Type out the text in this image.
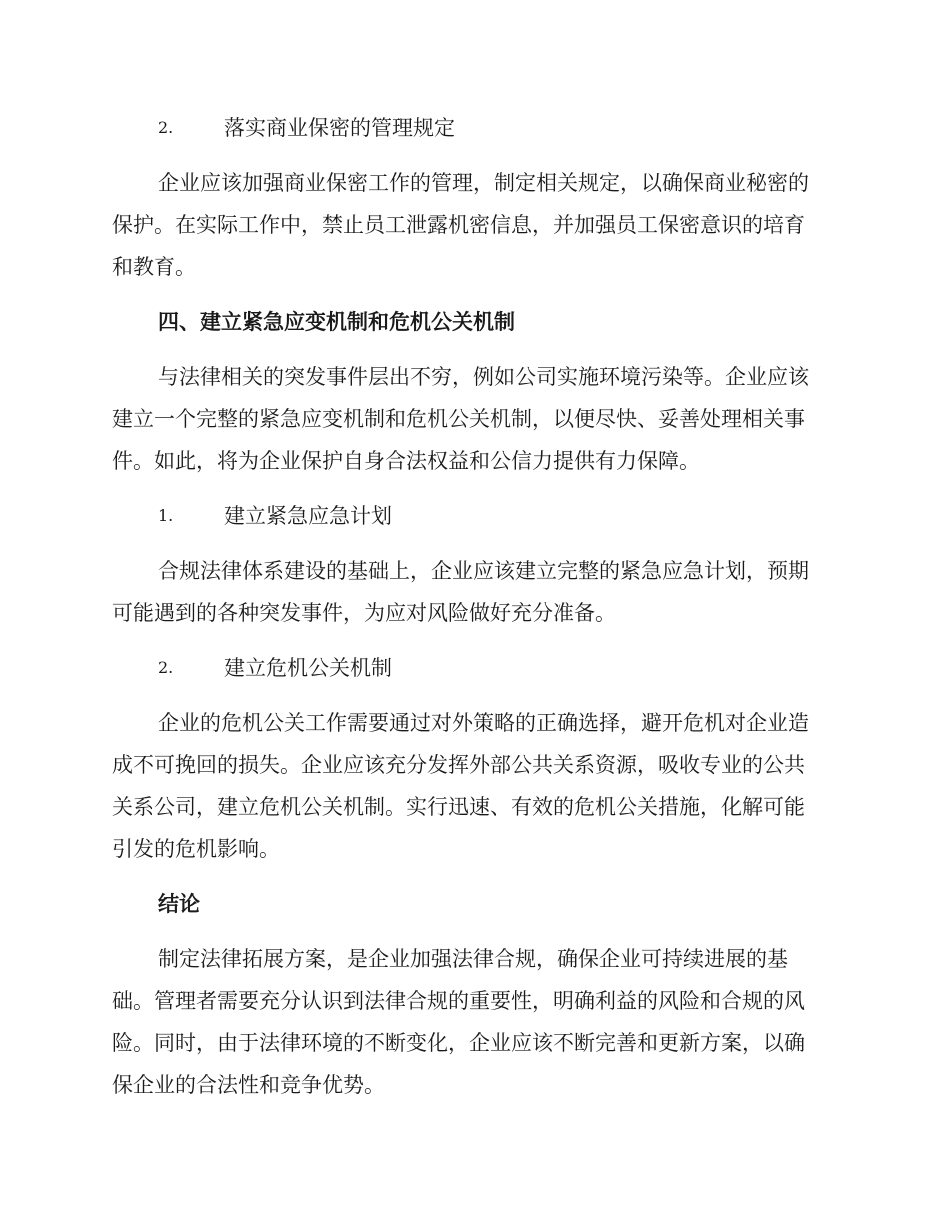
2. 落实商业保密的管理规定
企业应该加强商业保密工作的管理，制定相关规定，以确保商业秘密的
保护。在实际工作中，禁止员工泄露机密信息，并加强员工保密意识的培育
和教育。
四、建立紧急应变机制和危机公关机制
与法律相关的突发事件层出不穷，例如公司实施环境污染等。企业应该
建立一个完整的紧急应变机制和危机公关机制，以便尽快、妥善处理相关事
件。如此，将为企业保护自身合法权益和公信力提供有力保障。
1. 建立紧急应急计划
合规法律体系建设的基础上，企业应该建立完整的紧急应急计划，预期
可能遇到的各种突发事件，为应对风险做好充分准备。
2. 建立危机公关机制
企业的危机公关工作需要通过对外策略的正确选择，避开危机对企业造
成不可挽回的损失。企业应该充分发挥外部公共关系资源，吸收专业的公共
关系公司，建立危机公关机制。实行迅速、有效的危机公关措施，化解可能
引发的危机影响。
结论
制定法律拓展方案，是企业加强法律合规，确保企业可持续进展的基
础。管理者需要充分认识到法律合规的重要性，明确利益的风险和合规的风
险。同时，由于法律环境的不断变化，企业应该不断完善和更新方案，以确
保企业的合法性和竞争优势。
